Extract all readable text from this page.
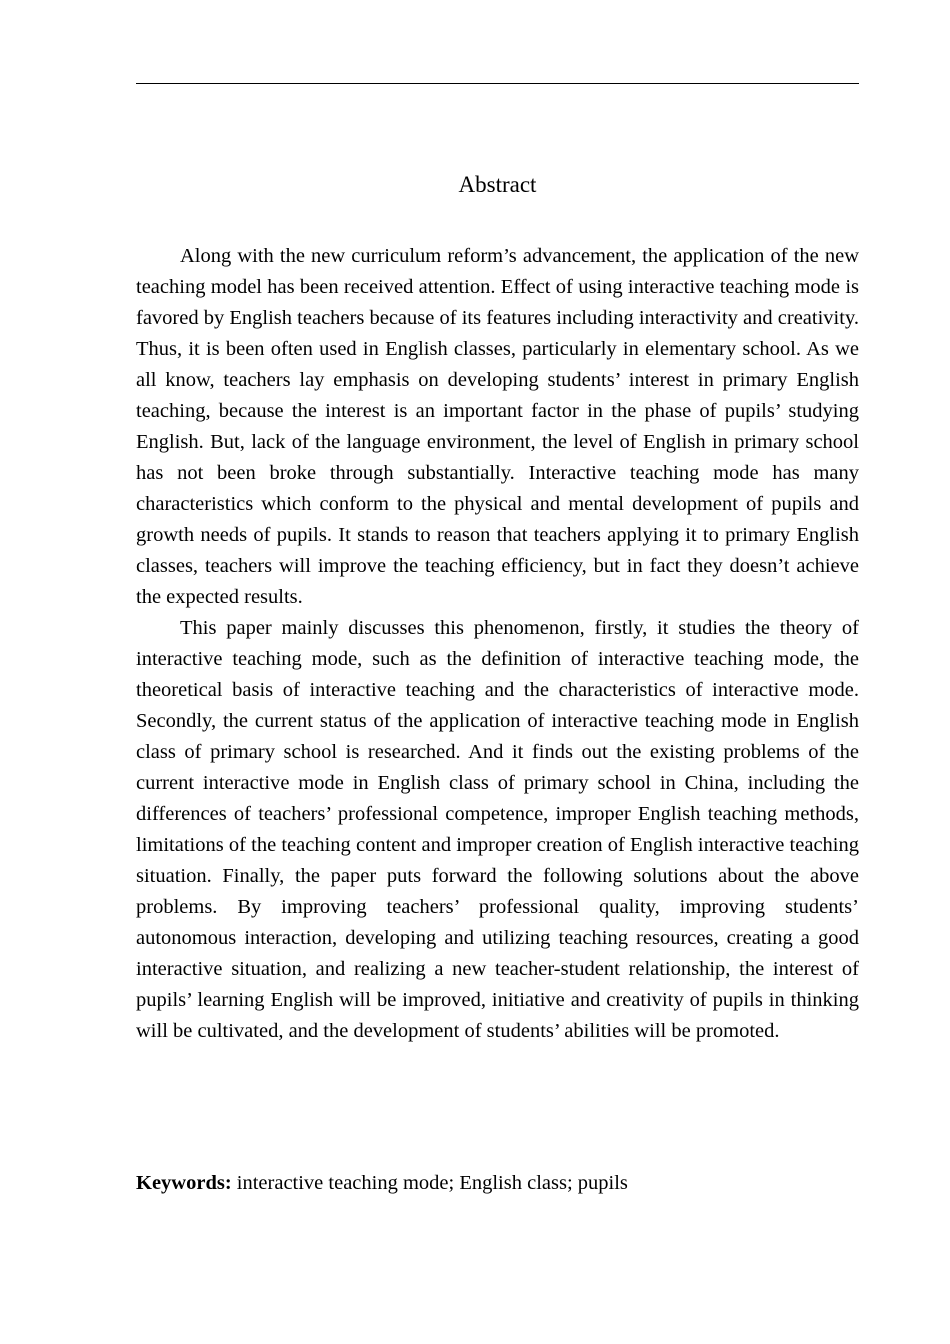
Abstract

Along with the new curriculum reform’s advancement, the application of the new teaching model has been received attention. Effect of using interactive teaching mode is favored by English teachers because of its features including interactivity and creativity. Thus, it is been often used in English classes, particularly in elementary school. As we all know, teachers lay emphasis on developing students’ interest in primary English teaching, because the interest is an important factor in the phase of pupils’ studying English. But, lack of the language environment, the level of English in primary school has not been broke through substantially. Interactive teaching mode has many characteristics which conform to the physical and mental development of pupils and growth needs of pupils. It stands to reason that teachers applying it to primary English classes, teachers will improve the teaching efficiency, but in fact they doesn’t achieve the expected results.

This paper mainly discusses this phenomenon, firstly, it studies the theory of interactive teaching mode, such as the definition of interactive teaching mode, the theoretical basis of interactive teaching and the characteristics of interactive mode. Secondly, the current status of the application of interactive teaching mode in English class of primary school is researched. And it finds out the existing problems of the current interactive mode in English class of primary school in China, including the differences of teachers’ professional competence, improper English teaching methods, limitations of the teaching content and improper creation of English interactive teaching situation. Finally, the paper puts forward the following solutions about the above problems. By improving teachers’ professional quality, improving students’ autonomous interaction, developing and utilizing teaching resources, creating a good interactive situation, and realizing a new teacher-student relationship, the interest of pupils’ learning English will be improved, initiative and creativity of pupils in thinking will be cultivated, and the development of students’ abilities will be promoted.

Keywords: interactive teaching mode; English class; pupils
